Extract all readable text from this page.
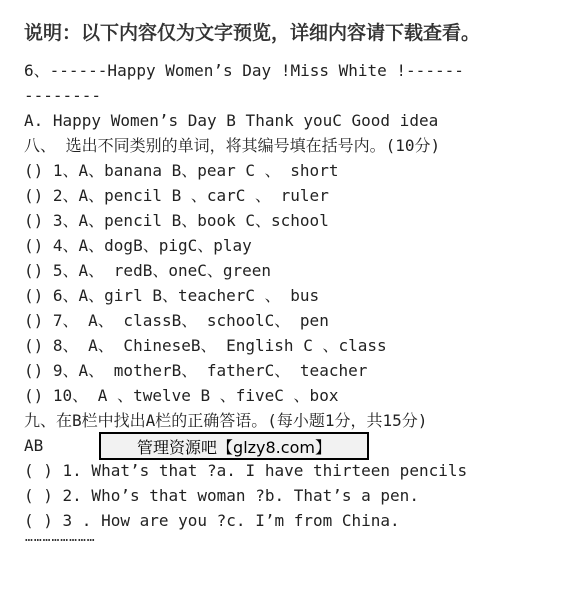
说明：以下内容仅为文字预览，详细内容请下载查看。
6、------Happy Women’s Day !Miss White !------
--------
A. Happy Women’s Day B Thank youC Good idea
八、 选出不同类别的单词，将其编号填在括号内。(10分)
() 1、A、banana B、pear C 、 short
() 2、A、pencil B 、carC 、 ruler
() 3、A、pencil B、book C、school
() 4、A、dogB、pigC、play
() 5、A、 redB、oneC、green
() 6、A、girl B、teacherC 、 bus
() 7、 A、 classB、 schoolC、 pen
() 8、 A、 ChineseB、 English C 、class
() 9、A、 motherB、 fatherC、 teacher
() 10、 A 、twelve B 、fiveC 、box
九、在B栏中找出A栏的正确答语。(每小题1分，共15分)
AB
( ) 1. What’s that ?a. I have thirteen pencils
( ) 2. Who’s that woman ?b. That’s a pen.
( ) 3 . How are you ?c. I’m from China.
……………………
管理资源吧【glzy8.com】
